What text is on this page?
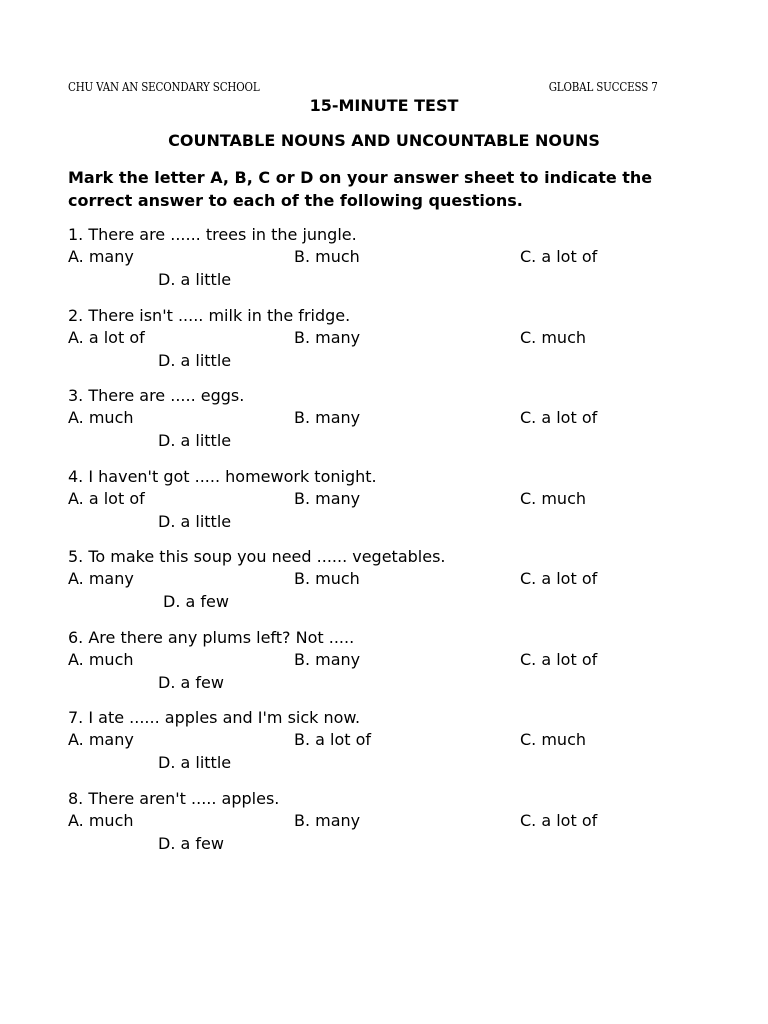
CHU VAN AN SECONDARY SCHOOL	GLOBAL SUCCESS 7
15-MINUTE TEST
COUNTABLE NOUNS AND UNCOUNTABLE NOUNS
Mark the letter A, B, C or D on your answer sheet to indicate the correct answer to each of the following questions.
1. There are ...... trees in the jungle.
A. many	B. much	C. a lot of
D. a little
2. There isn't ..... milk in the fridge.
A. a lot of	B. many	C. much
D. a little
3. There are ..... eggs.
A. much	B. many	C. a lot of
D. a little
4. I haven't got ..... homework tonight.
A. a lot of	B. many	C. much
D. a little
5. To make this soup you need ...... vegetables.
A. many	B. much	C. a lot of
D. a few
6. Are there any plums left? Not .....
A. much	B. many	C. a lot of
D. a few
7. I ate ...... apples and I'm sick now.
A. many	B. a lot of	C. much
D. a little
8. There aren't ..... apples.
A. much	B. many	C. a lot of
D. a few
